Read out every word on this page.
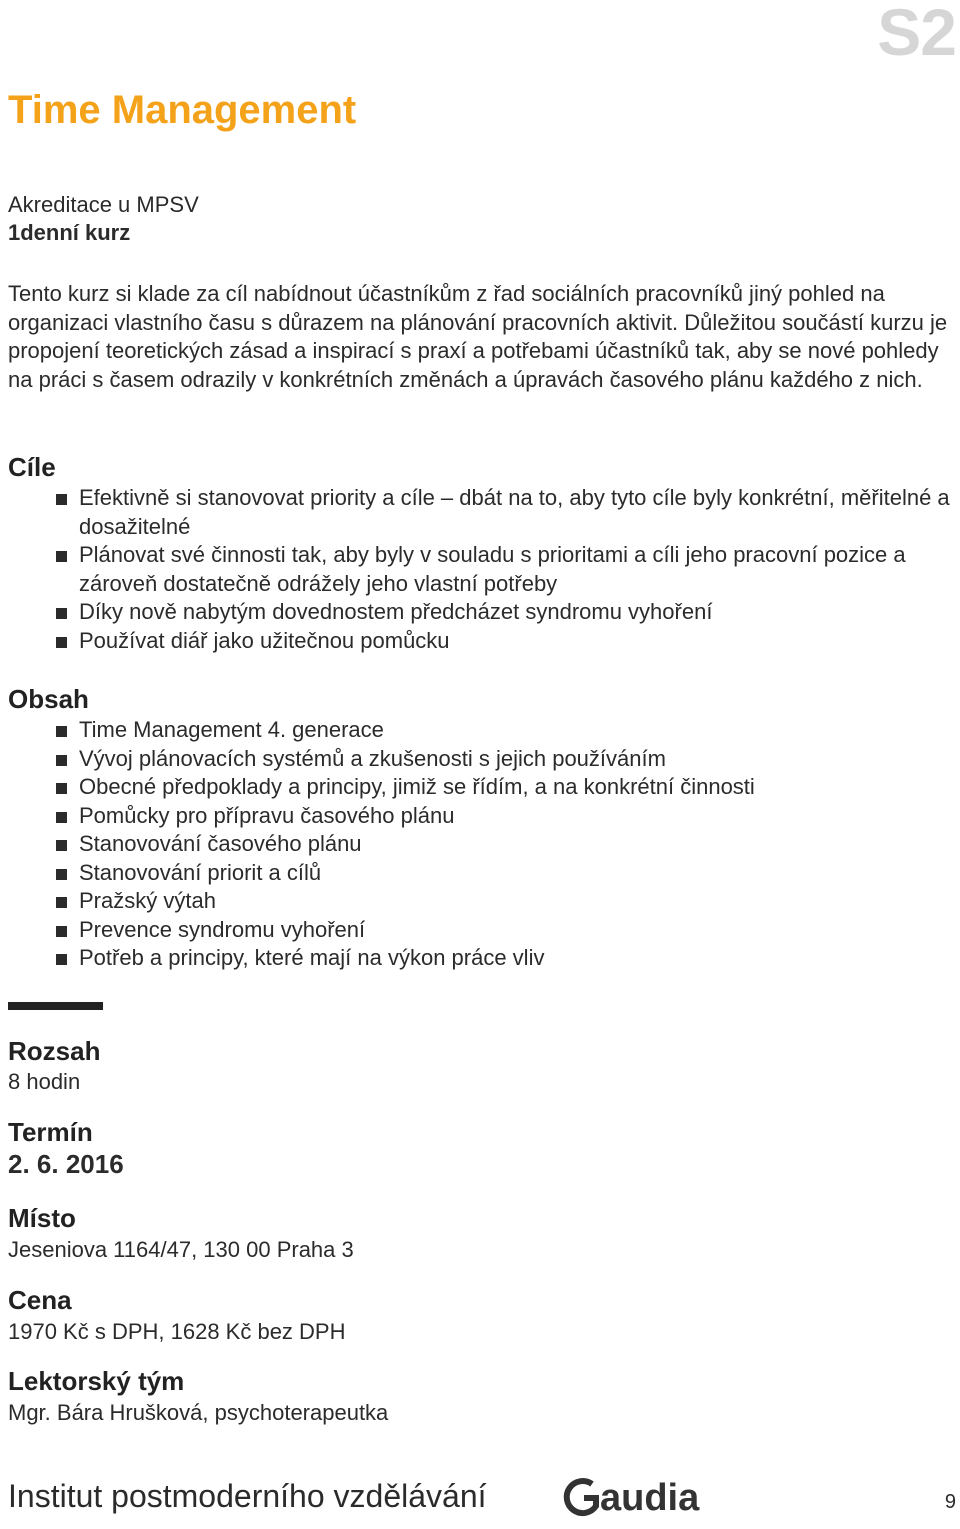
S2
Time Management
Akreditace u MPSV
1denní kurz

Tento kurz si klade za cíl nabídnout účastníkům z řad sociálních pracovníků jiný pohled na organizaci vlastního času s důrazem na plánování pracovních aktivit. Důležitou součástí kurzu je propojení teoretických zásad a inspirací s praxí a potřebami účastníků tak, aby se nové pohledy na práci s časem odrazily v konkrétních změnách a úpravách časového plánu každého z nich.

Cíle
Efektivně si stanovovat priority a cíle – dbát na to, aby tyto cíle byly konkrétní, měřitelné a dosažitelné
Plánovat své činnosti tak, aby byly v souladu s prioritami a cíli jeho pracovní pozice a zároveň dostatečně odrážely jeho vlastní potřeby
Díky nově nabytým dovednostem předcházet syndromu vyhoření
Používat diář jako užitečnou pomůcku
Obsah
Time Management 4. generace
Vývoj plánovacích systémů a zkušenosti s jejich používáním
Obecné předpoklady a principy, jimiž se řídím, a na konkrétní činnosti
Pomůcky pro přípravu časového plánu
Stanovování časového plánu
Stanovování priorit a cílů
Pražský výtah
Prevence syndromu vyhoření
Potřeb a principy, které mají na výkon práce vliv
Rozsah
8 hodin
Termín
2. 6. 2016
Místo
Jeseniova 1164/47, 130 00 Praha 3
Cena
1970 Kč s DPH, 1628 Kč bez DPH
Lektorský tým
Mgr. Bára Hrušková, psychoterapeutka
Institut postmoderního vzdělávání	audia	9
